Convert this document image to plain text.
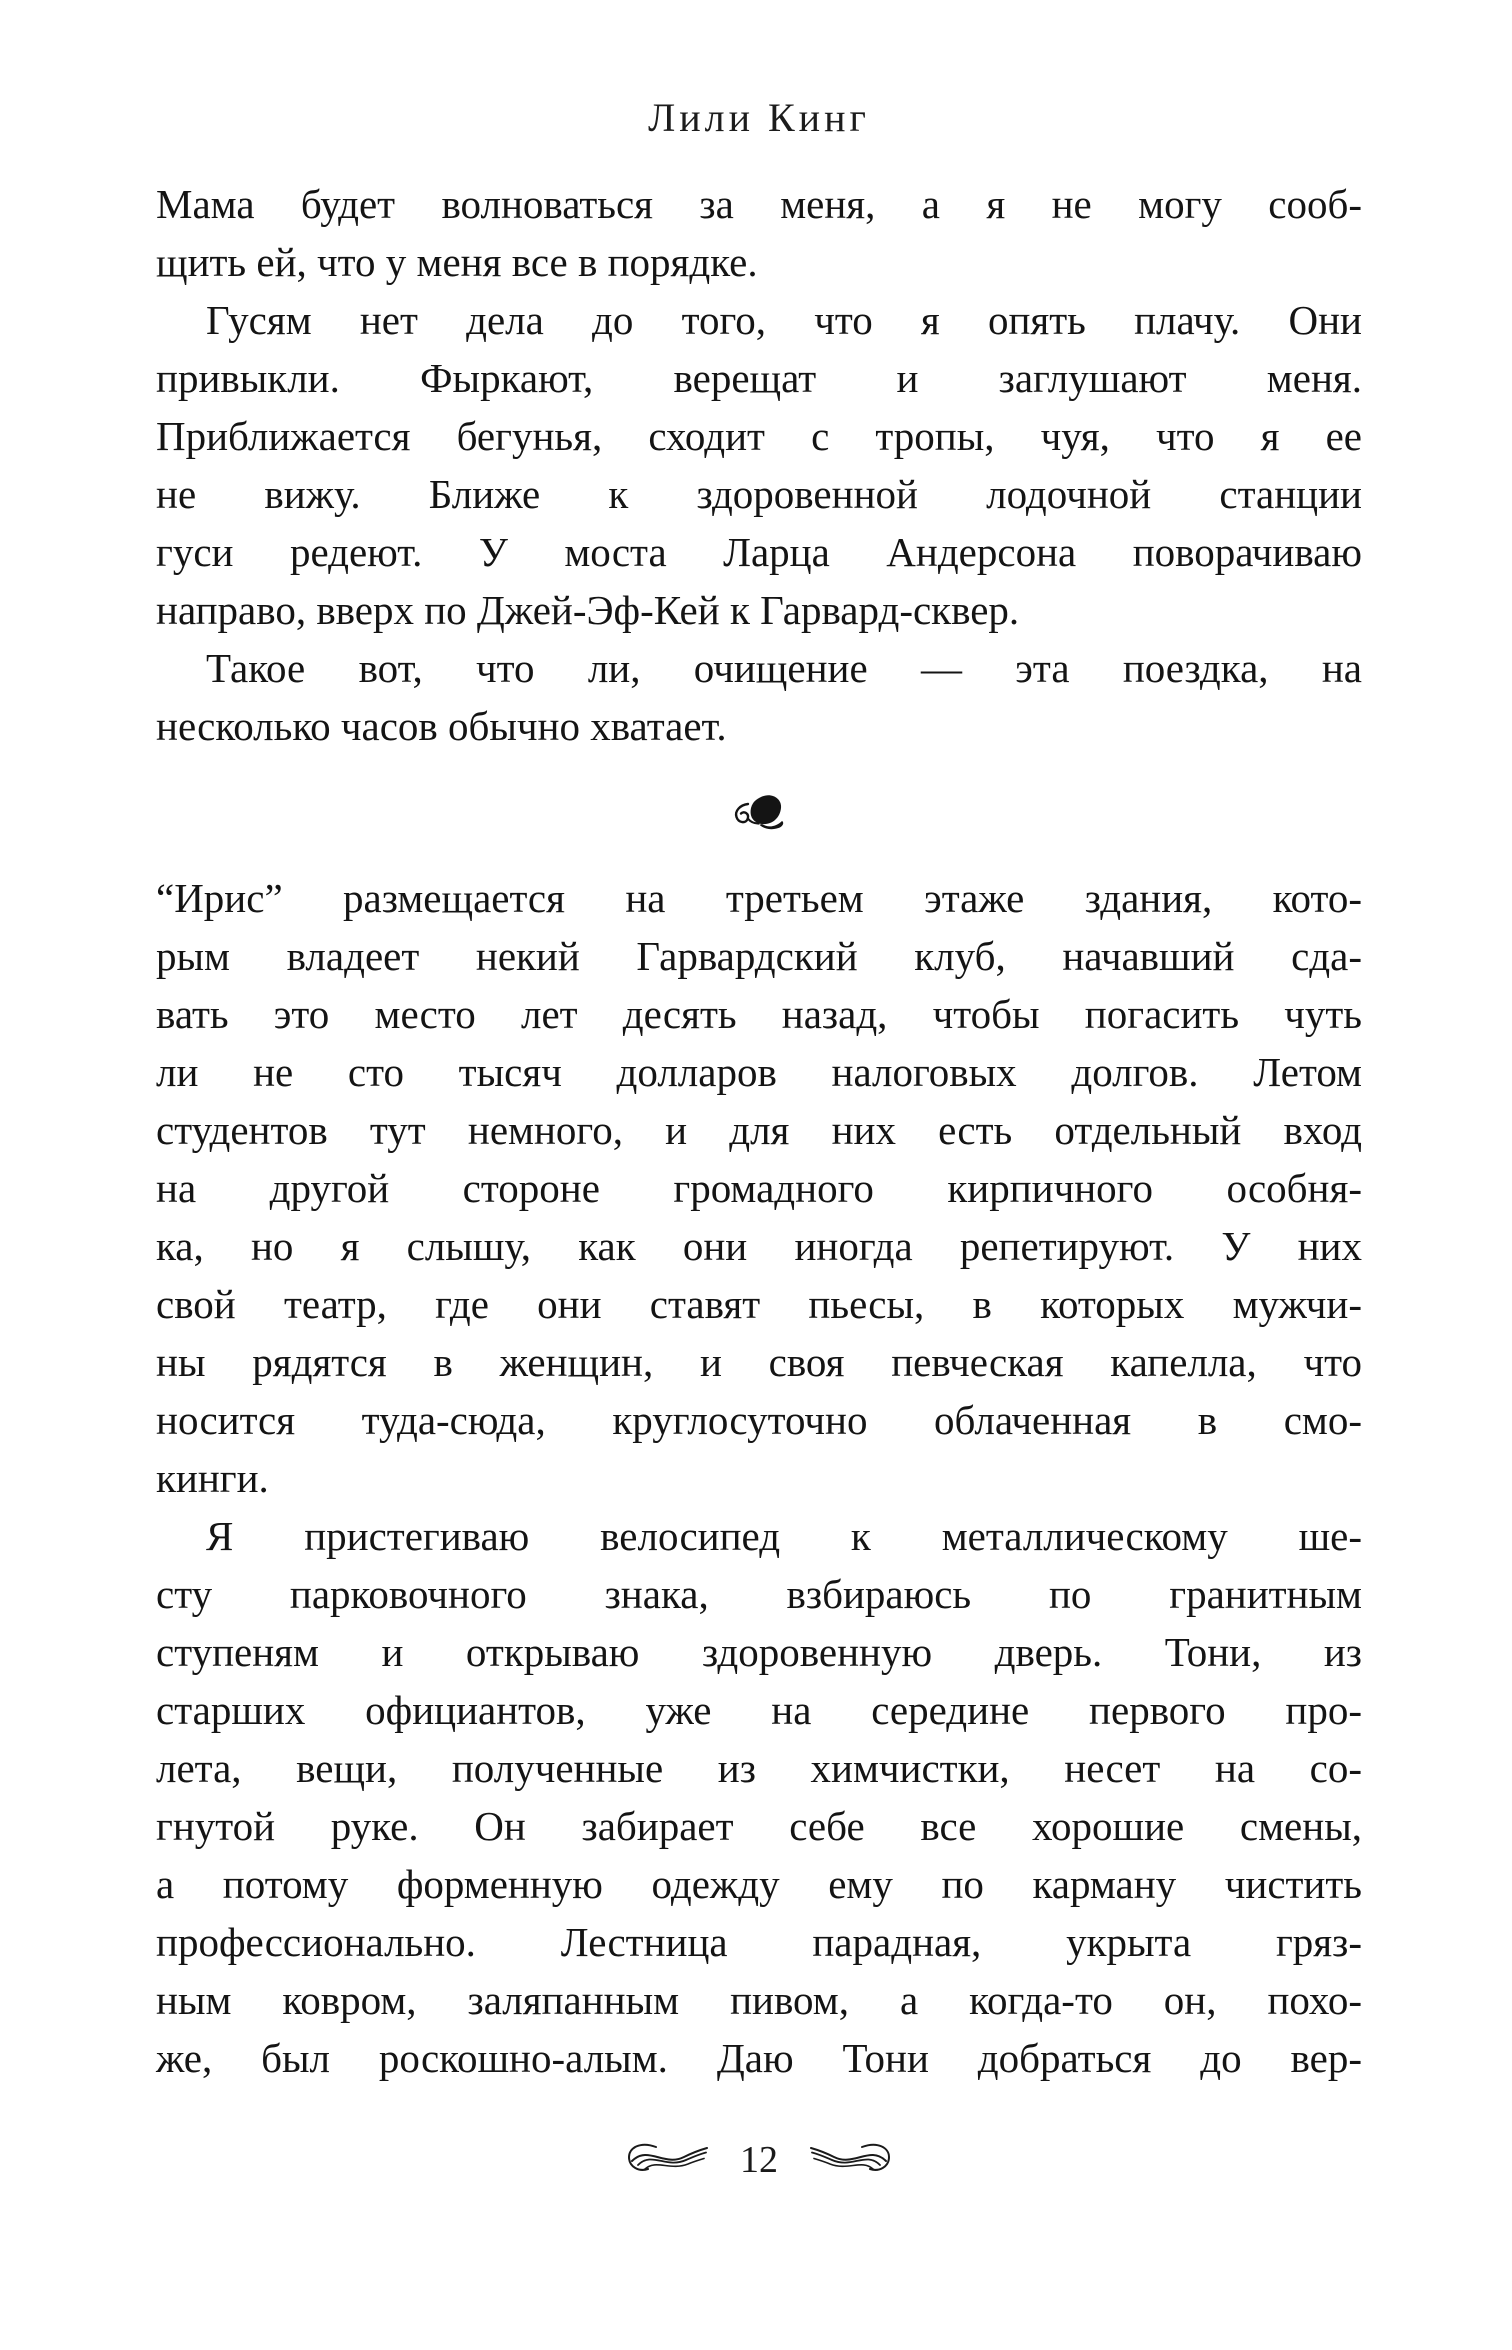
Лили Кинг
Мама будет волноваться за меня, а я не могу сооб-
щить ей, что у меня все в порядке.
Гусям нет дела до того, что я опять плачу. Они
привыкли. Фыркают, верещат и заглушают меня.
Приближается бегунья, сходит с тропы, чуя, что я ее
не вижу. Ближе к здоровенной лодочной станции
гуси редеют. У моста Ларца Андерсона поворачиваю
направо, вверх по Джей-Эф-Кей к Гарвард-сквер.
Такое вот, что ли, очищение — эта поездка, на
несколько часов обычно хватает.
“Ирис” размещается на третьем этаже здания, кото-
рым владеет некий Гарвардский клуб, начавший сда-
вать это место лет десять назад, чтобы погасить чуть
ли не сто тысяч долларов налоговых долгов. Летом
студентов тут немного, и для них есть отдельный вход
на другой стороне громадного кирпичного особня-
ка, но я слышу, как они иногда репетируют. У них
свой театр, где они ставят пьесы, в которых мужчи-
ны рядятся в женщин, и своя певческая капелла, что
носится туда-сюда, круглосуточно облаченная в смо-
кинги.
Я пристегиваю велосипед к металлическому ше-
сту парковочного знака, взбираюсь по гранитным
ступеням и открываю здоровенную дверь. Тони, из
старших официантов, уже на середине первого про-
лета, вещи, полученные из химчистки, несет на со-
гнутой руке. Он забирает себе все хорошие смены,
а потому форменную одежду ему по карману чистить
профессионально. Лестница парадная, укрыта гряз-
ным ковром, заляпанным пивом, а когда-то он, похо-
же, был роскошно-алым. Даю Тони добраться до вер-
12
